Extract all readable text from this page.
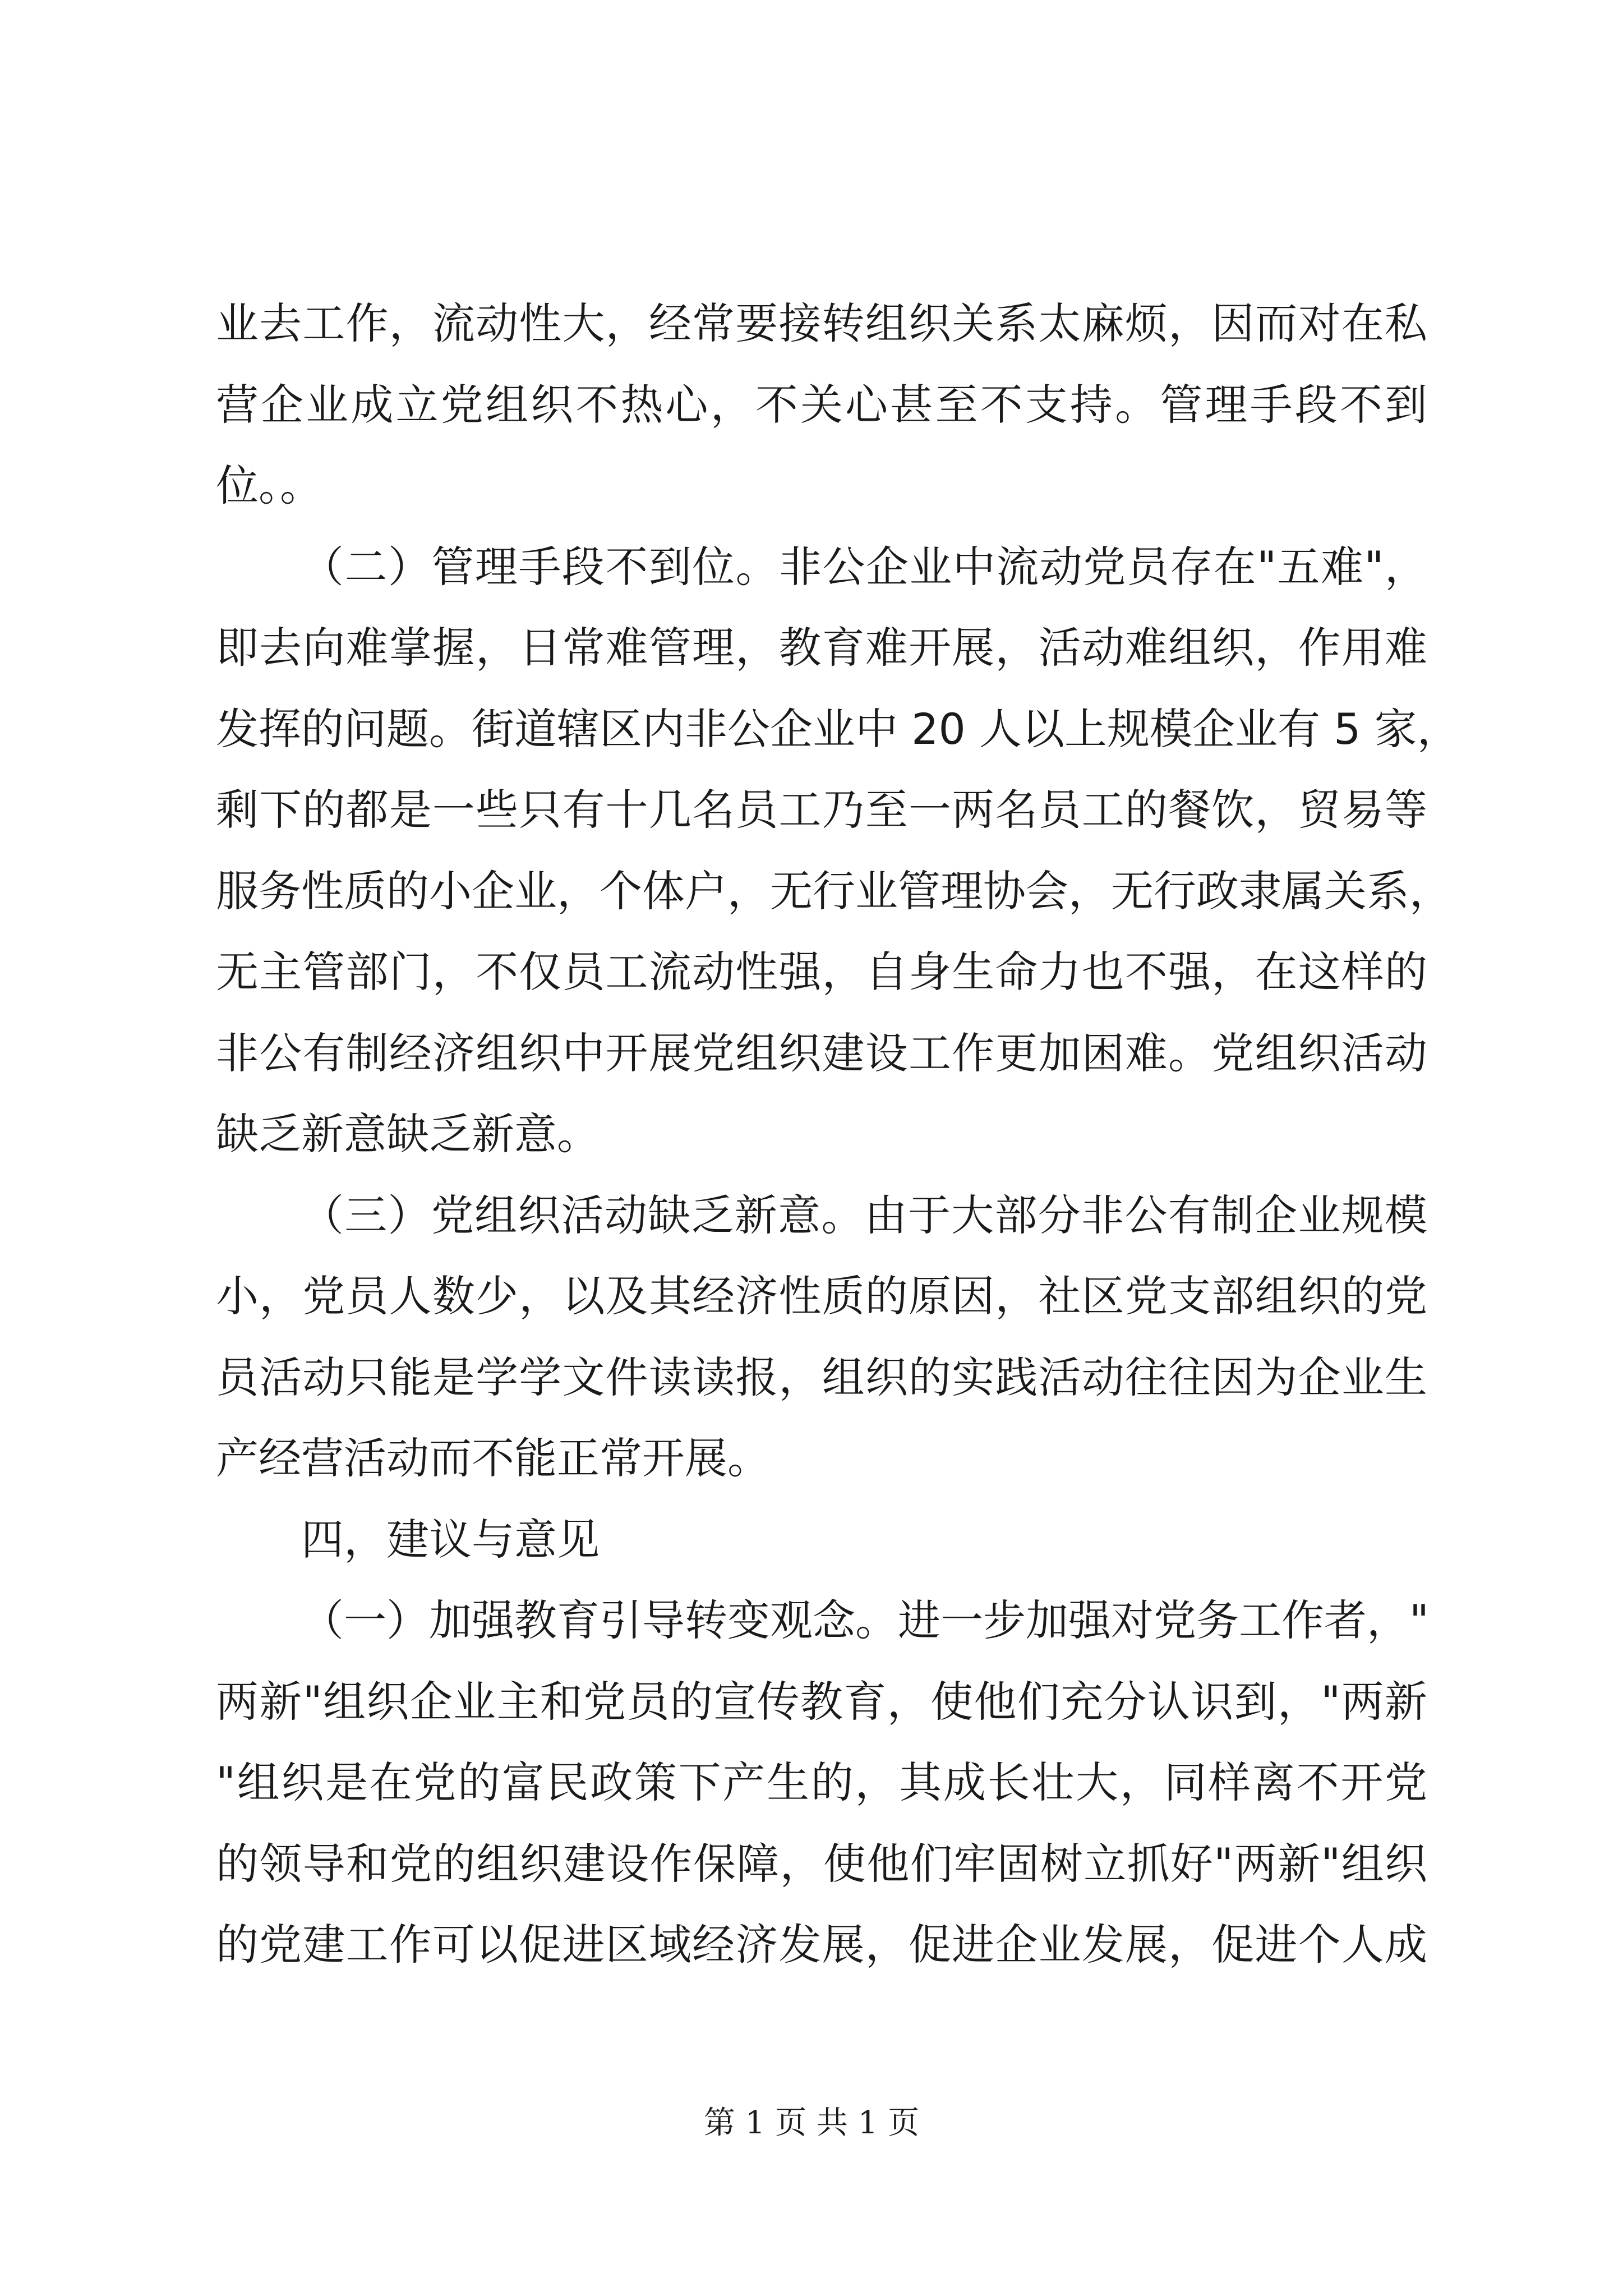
业去工作，流动性大，经常要接转组织关系太麻烦，因而对在私
营企业成立党组织不热心，不关心甚至不支持。管理手段不到
位。。
（二）管理手段不到位。非公企业中流动党员存在"五难"，
即去向难掌握，日常难管理，教育难开展，活动难组织，作用难
发挥的问题。街道辖区内非公企业中 20 人以上规模企业有 5 家，
剩下的都是一些只有十几名员工乃至一两名员工的餐饮，贸易等
服务性质的小企业，个体户，无行业管理协会，无行政隶属关系，
无主管部门，不仅员工流动性强，自身生命力也不强，在这样的
非公有制经济组织中开展党组织建设工作更加困难。党组织活动
缺乏新意缺乏新意。
（三）党组织活动缺乏新意。由于大部分非公有制企业规模
小，党员人数少，以及其经济性质的原因，社区党支部组织的党
员活动只能是学学文件读读报，组织的实践活动往往因为企业生
产经营活动而不能正常开展。
四，建议与意见
（一）加强教育引导转变观念。进一步加强对党务工作者，"
两新"组织企业主和党员的宣传教育，使他们充分认识到，"两新
"组织是在党的富民政策下产生的，其成长壮大，同样离不开党
的领导和党的组织建设作保障，使他们牢固树立抓好"两新"组织
的党建工作可以促进区域经济发展，促进企业发展，促进个人成
第 1 页 共 1 页
